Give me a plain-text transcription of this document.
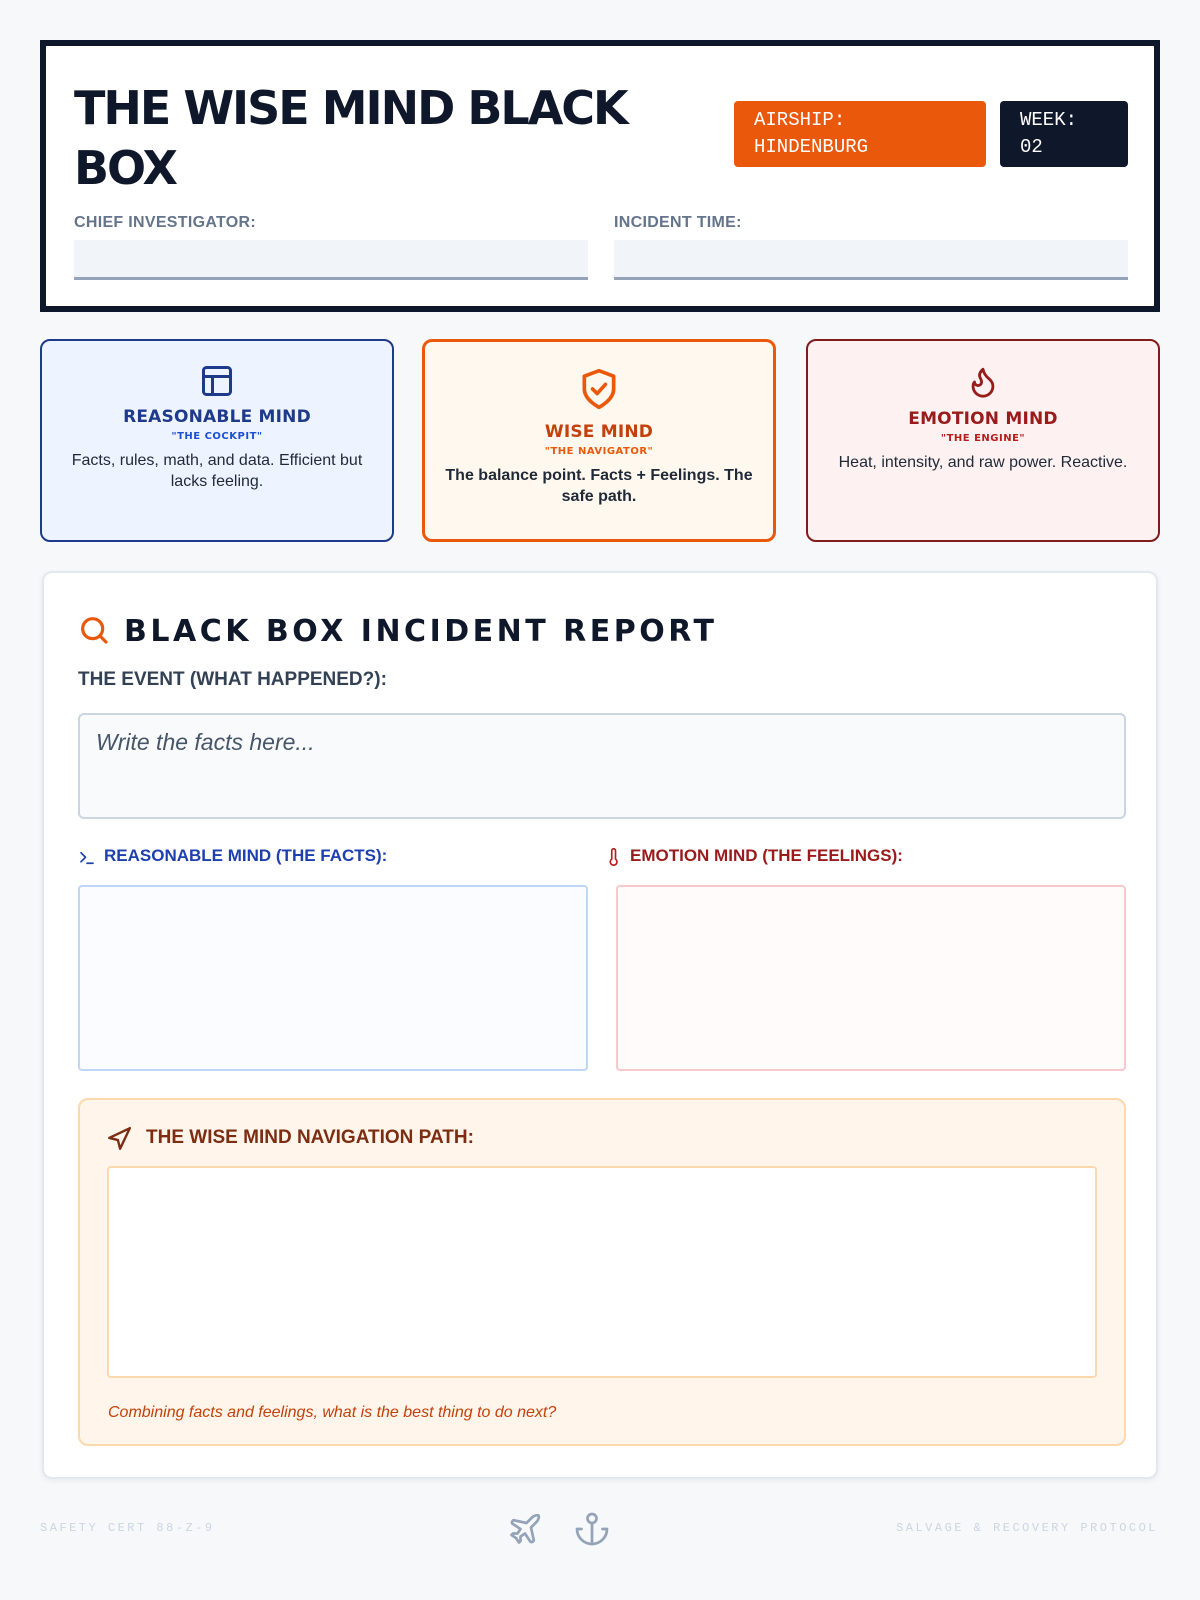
THE WISE MIND BLACK BOX
AIRSHIP: HINDENBURG
WEEK: 02
CHIEF INVESTIGATOR:	INCIDENT TIME:
REASONABLE MIND
"THE COCKPIT"
Facts, rules, math, and data. Efficient but lacks feeling.
WISE MIND
"THE NAVIGATOR"
The balance point. Facts + Feelings. The safe path.
EMOTION MIND
"THE ENGINE"
Heat, intensity, and raw power. Reactive.
BLACK BOX INCIDENT REPORT
THE EVENT (WHAT HAPPENED?):
Write the facts here...
REASONABLE MIND (THE FACTS):	EMOTION MIND (THE FEELINGS):
THE WISE MIND NAVIGATION PATH:
Combining facts and feelings, what is the best thing to do next?
SAFETY CERT 88-Z-9	SALVAGE & RECOVERY PROTOCOL
